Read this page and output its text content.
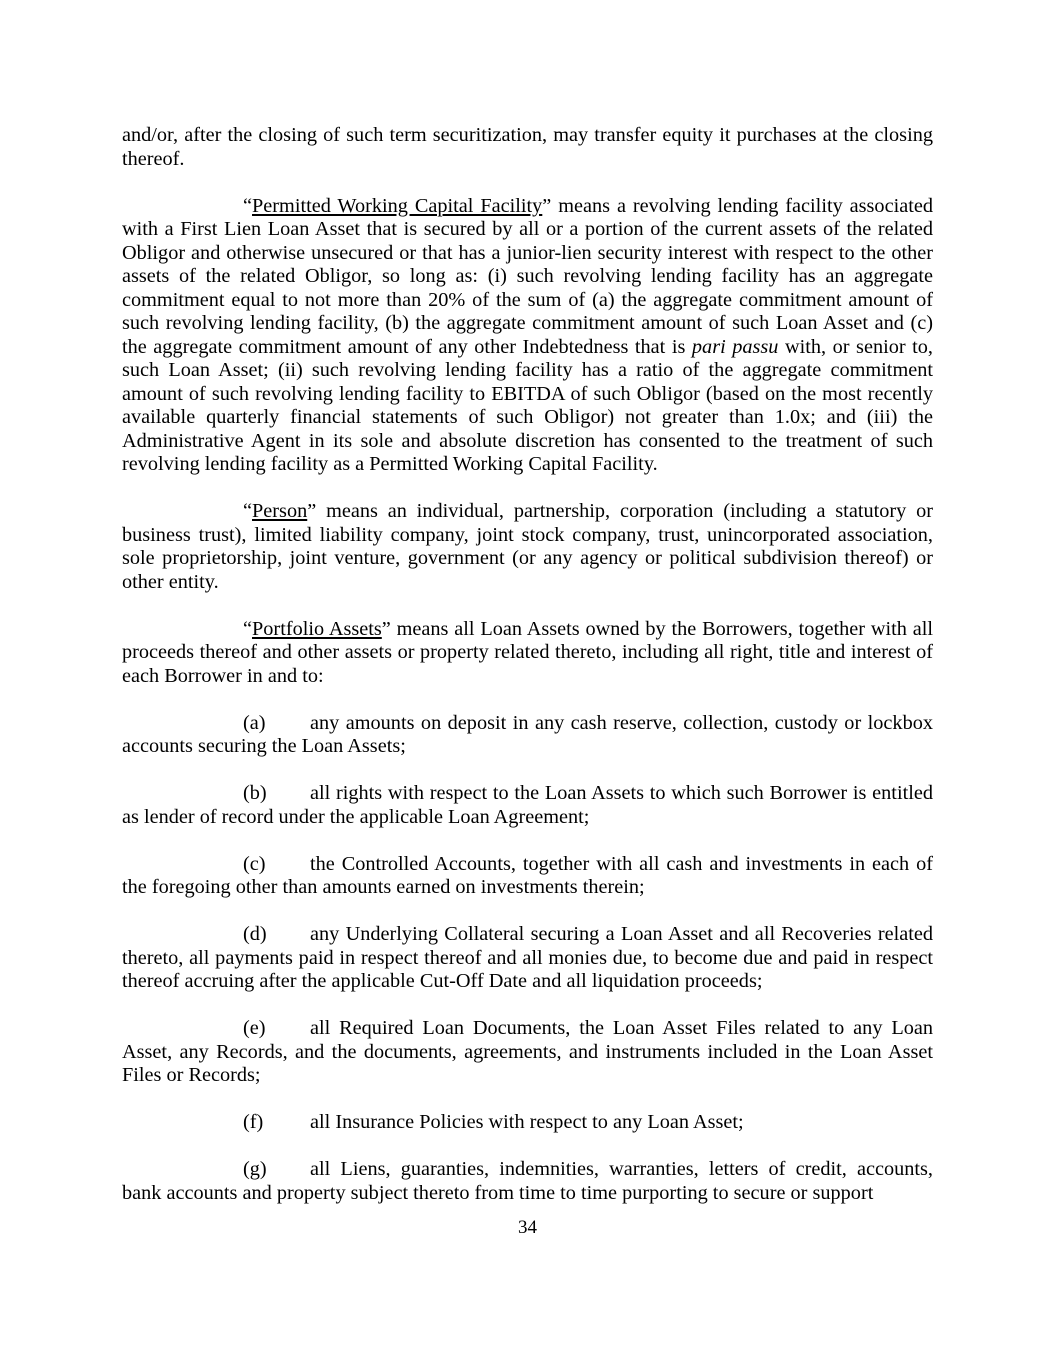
and/or, after the closing of such term securitization, may transfer equity it purchases at the closing thereof.

“Permitted Working Capital Facility” means a revolving lending facility associated with a First Lien Loan Asset that is secured by all or a portion of the current assets of the related Obligor and otherwise unsecured or that has a junior-lien security interest with respect to the other assets of the related Obligor, so long as: (i) such revolving lending facility has an aggregate commitment equal to not more than 20% of the sum of (a) the aggregate commitment amount of such revolving lending facility, (b) the aggregate commitment amount of such Loan Asset and (c) the aggregate commitment amount of any other Indebtedness that is pari passu with, or senior to, such Loan Asset; (ii) such revolving lending facility has a ratio of the aggregate commitment amount of such revolving lending facility to EBITDA of such Obligor (based on the most recently available quarterly financial statements of such Obligor) not greater than 1.0x; and (iii) the Administrative Agent in its sole and absolute discretion has consented to the treatment of such revolving lending facility as a Permitted Working Capital Facility.

“Person” means an individual, partnership, corporation (including a statutory or business trust), limited liability company, joint stock company, trust, unincorporated association, sole proprietorship, joint venture, government (or any agency or political subdivision thereof) or other entity.

“Portfolio Assets” means all Loan Assets owned by the Borrowers, together with all proceeds thereof and other assets or property related thereto, including all right, title and interest of each Borrower in and to:

(a) any amounts on deposit in any cash reserve, collection, custody or lockbox accounts securing the Loan Assets;

(b) all rights with respect to the Loan Assets to which such Borrower is entitled as lender of record under the applicable Loan Agreement;

(c) the Controlled Accounts, together with all cash and investments in each of the foregoing other than amounts earned on investments therein;

(d) any Underlying Collateral securing a Loan Asset and all Recoveries related thereto, all payments paid in respect thereof and all monies due, to become due and paid in respect thereof accruing after the applicable Cut-Off Date and all liquidation proceeds;

(e) all Required Loan Documents, the Loan Asset Files related to any Loan Asset, any Records, and the documents, agreements, and instruments included in the Loan Asset Files or Records;

(f) all Insurance Policies with respect to any Loan Asset;

(g) all Liens, guaranties, indemnities, warranties, letters of credit, accounts, bank accounts and property subject thereto from time to time purporting to secure or support

34
